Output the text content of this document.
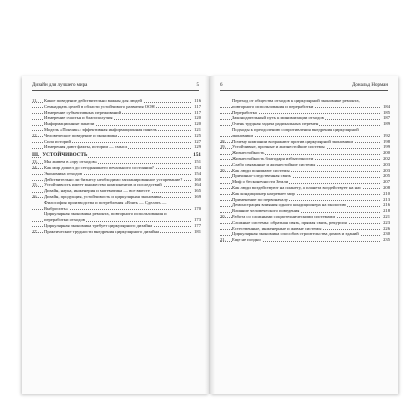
Дизайн для лучшего мира	5
11. Какое поведение действительно важны для людей	116
Семнадцать целей в области устойчивого развития ООН	117
Измерение субъективных переживаний	117
Измерение счастья и благополучия	120
Информационные панели	120
Модель «Пончик»: эффективная информационная панель	121
12. Человеческое поведение и экономика	125
Сила историй	127
Измерения дают факты, истории — смысл	129
III. УСТОЙЧИВОСТЬ	151
13. Мы живем в «эру отходов»	151
14. Как мир дошел до сегодняшнего печального состояния?	154
Экономика отходов	154
Действительно ли бизнесу необходимо запланированное устаревание?	160
15. Устойчивость имеет множество компонентов и последствий	164
Дизайн, наука, инженерия и математика — все вместе	165
16. Дизайн, продукция, устойчивость и циркулярная экономика	169
Философия производства и потребления «Взять — Сделать — Выбросить»	170
Циркулярная экономика ремонта, повторного использования и переработки отходов	173
Циркулярная экономика требует циркулярного дизайна	177
17. Практические трудности внедрения циркулярного дизайна	181
Дональд Норман
6
Переход от общества отходов к циркулярной экономике ремонта, повторного использования и переработки	184
Переработка	185
Законодательный путь к минимизации отходов	187
Очень трудная задача радикальных перемен	189
Подходы к преодолению сопротивления внедрения циркулярной экономики	192
18. Почему компании возражают против циркулярной экономики	198
19. Устойчивые, прочные и жизнестойкие системы	199
Жизнестойкость	200
Жизнестойкость благодаря избыточности	202
Слабо связанные и жизнестойкие системы	203
20. Как люди понимают системы	203
Причинно-следственная связь	205
Миф о бесконечности Земли	207
Как люди воздействуют на планету, а планета воздействует на нас	208
Как кондиционер нагревает мир	210
Применение по первоначалу	213
Демонстрация влияния одного кондиционера на экологию	216
Влияние человеческого поведения	218
20. Работа со сложными социотехническими системами	221
Сложные системы: обратная связь, прямая связь, рекурсия	223
Естественные, инженерные и живые системы	226
Циркулярная экономика способов строительства домов и зданий	230
21. Еще не поздно	235
